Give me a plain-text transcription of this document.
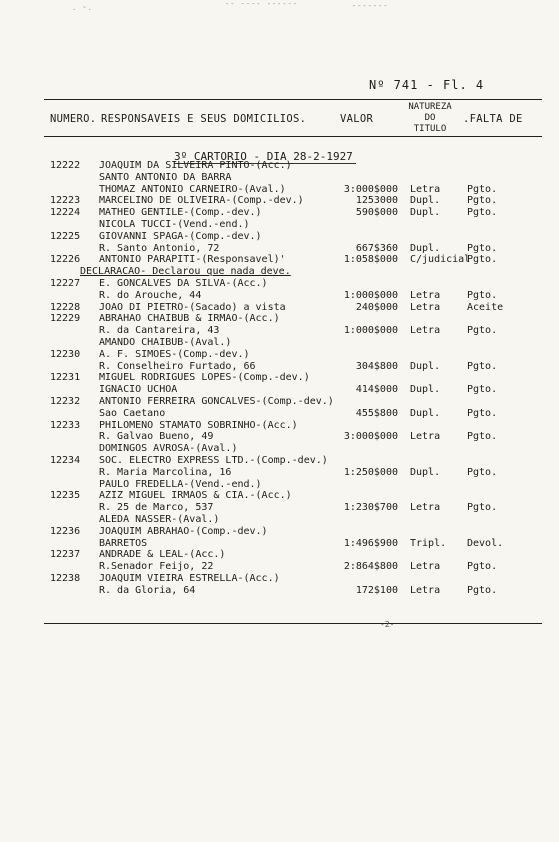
· ˘·
-- ---- ------	-------
Nº 741 - Fl. 4
NUMERO. RESPONSAVEIS E SEUS DOMICILIOS.	VALOR
NATUREZA
DO
TITULO
.FALTA DE
3º CARTORIO - DIA 28-2-1927
12222 JOAQUIM DA SILVEIRA PINTO-(Acc.)
SANTO ANTONIO DA BARRA
THOMAZ ANTONIO CARNEIRO-(Aval.)	3:000$000 Letra	Pgto.
12223 MARCELINO DE OLIVEIRA-(Comp.-dev.)	1253000 Dupl.	Pgto.
12224 MATHEO GENTILE-(Comp.-dev.)	590$000 Dupl.	Pgto.
NICOLA TUCCI-(Vend.-end.)
12225 GIOVANNI SPAGA-(Comp.-dev.)
R. Santo Antonio, 72	667$360 Dupl.	Pgto.
12226 ANTONIO PARAPITI-(Responsavel)'	1:058$000 C/judicial
Pgto.
DECLARACAO- Declarou que nada deve.
12227 E. GONCALVES DA SILVA-(Acc.)
R. do Arouche, 44	1:000$000 Letra	Pgto.
12228 JOAO DI PIETRO-(Sacado) a vista	240$000 Letra	Aceite
12229 ABRAHAO CHAIBUB & IRMAO-(Acc.)
R. da Cantareira, 43	1:000$000 Letra	Pgto.
AMANDO CHAIBUB-(Aval.)
12230 A. F. SIMOES-(Comp.-dev.)
R. Conselheiro Furtado, 66	304$800 Dupl.	Pgto.
12231 MIGUEL RODRIGUES LOPES-(Comp.-dev.)
IGNACIO UCHOA	414$000 Dupl.	Pgto.
12232 ANTONIO FERREIRA GONCALVES-(Comp.-dev.)
Sao Caetano	455$800 Dupl.	Pgto.
12233 PHILOMENO STAMATO SOBRINHO-(Acc.)
R. Galvao Bueno, 49	3:000$000 Letra	Pgto.
DOMINGOS AVROSA-(Aval.)
12234 SOC. ELECTRO EXPRESS LTD.-(Comp.-dev.)
R. Maria Marcolina, 16	1:250$000 Dupl.	Pgto.
PAULO FREDELLA-(Vend.-end.)
12235 AZIZ MIGUEL IRMAOS & CIA.-(Acc.)
R. 25 de Marco, 537	1:230$700 Letra	Pgto.
ALEDA NASSER-(Aval.)
12236 JOAQUIM ABRAHAO-(Comp.-dev.)
BARRETOS	1:496$900 Tripl. Devol.
12237 ANDRADE & LEAL-(Acc.)
R.Senador Feijo, 22	2:864$800 Letra	Pgto.
12238 JOAQUIM VIEIRA ESTRELLA-(Acc.)
R. da Gloria, 64	172$100 Letra	Pgto.
-2-
